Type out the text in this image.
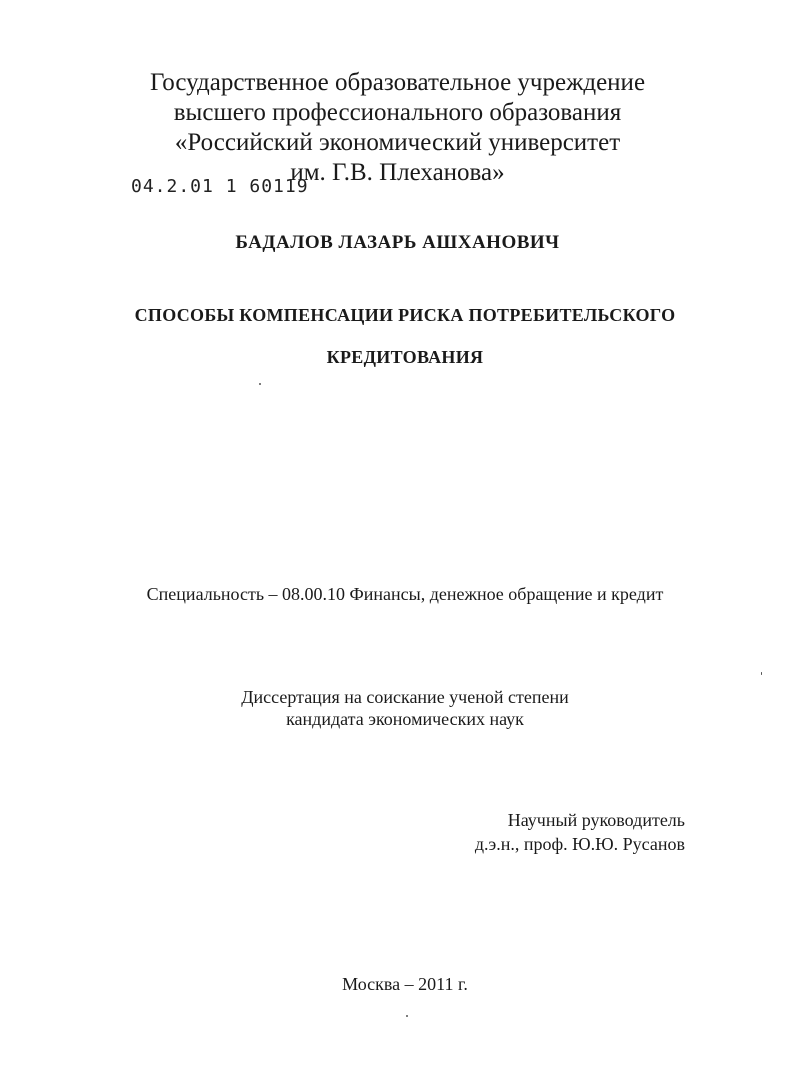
Государственное образовательное учреждение
высшего профессионального образования
«Российский экономический университет
им. Г.В. Плеханова»
04.2.01 1 60119
БАДАЛОВ ЛАЗАРЬ АШХАНОВИЧ
СПОСОБЫ КОМПЕНСАЦИИ РИСКА ПОТРЕБИТЕЛЬСКОГО
КРЕДИТОВАНИЯ
Специальность – 08.00.10 Финансы, денежное обращение и кредит
Диссертация на соискание ученой степени
кандидата экономических наук
Научный руководитель
д.э.н., проф. Ю.Ю. Русанов
Москва – 2011 г.
